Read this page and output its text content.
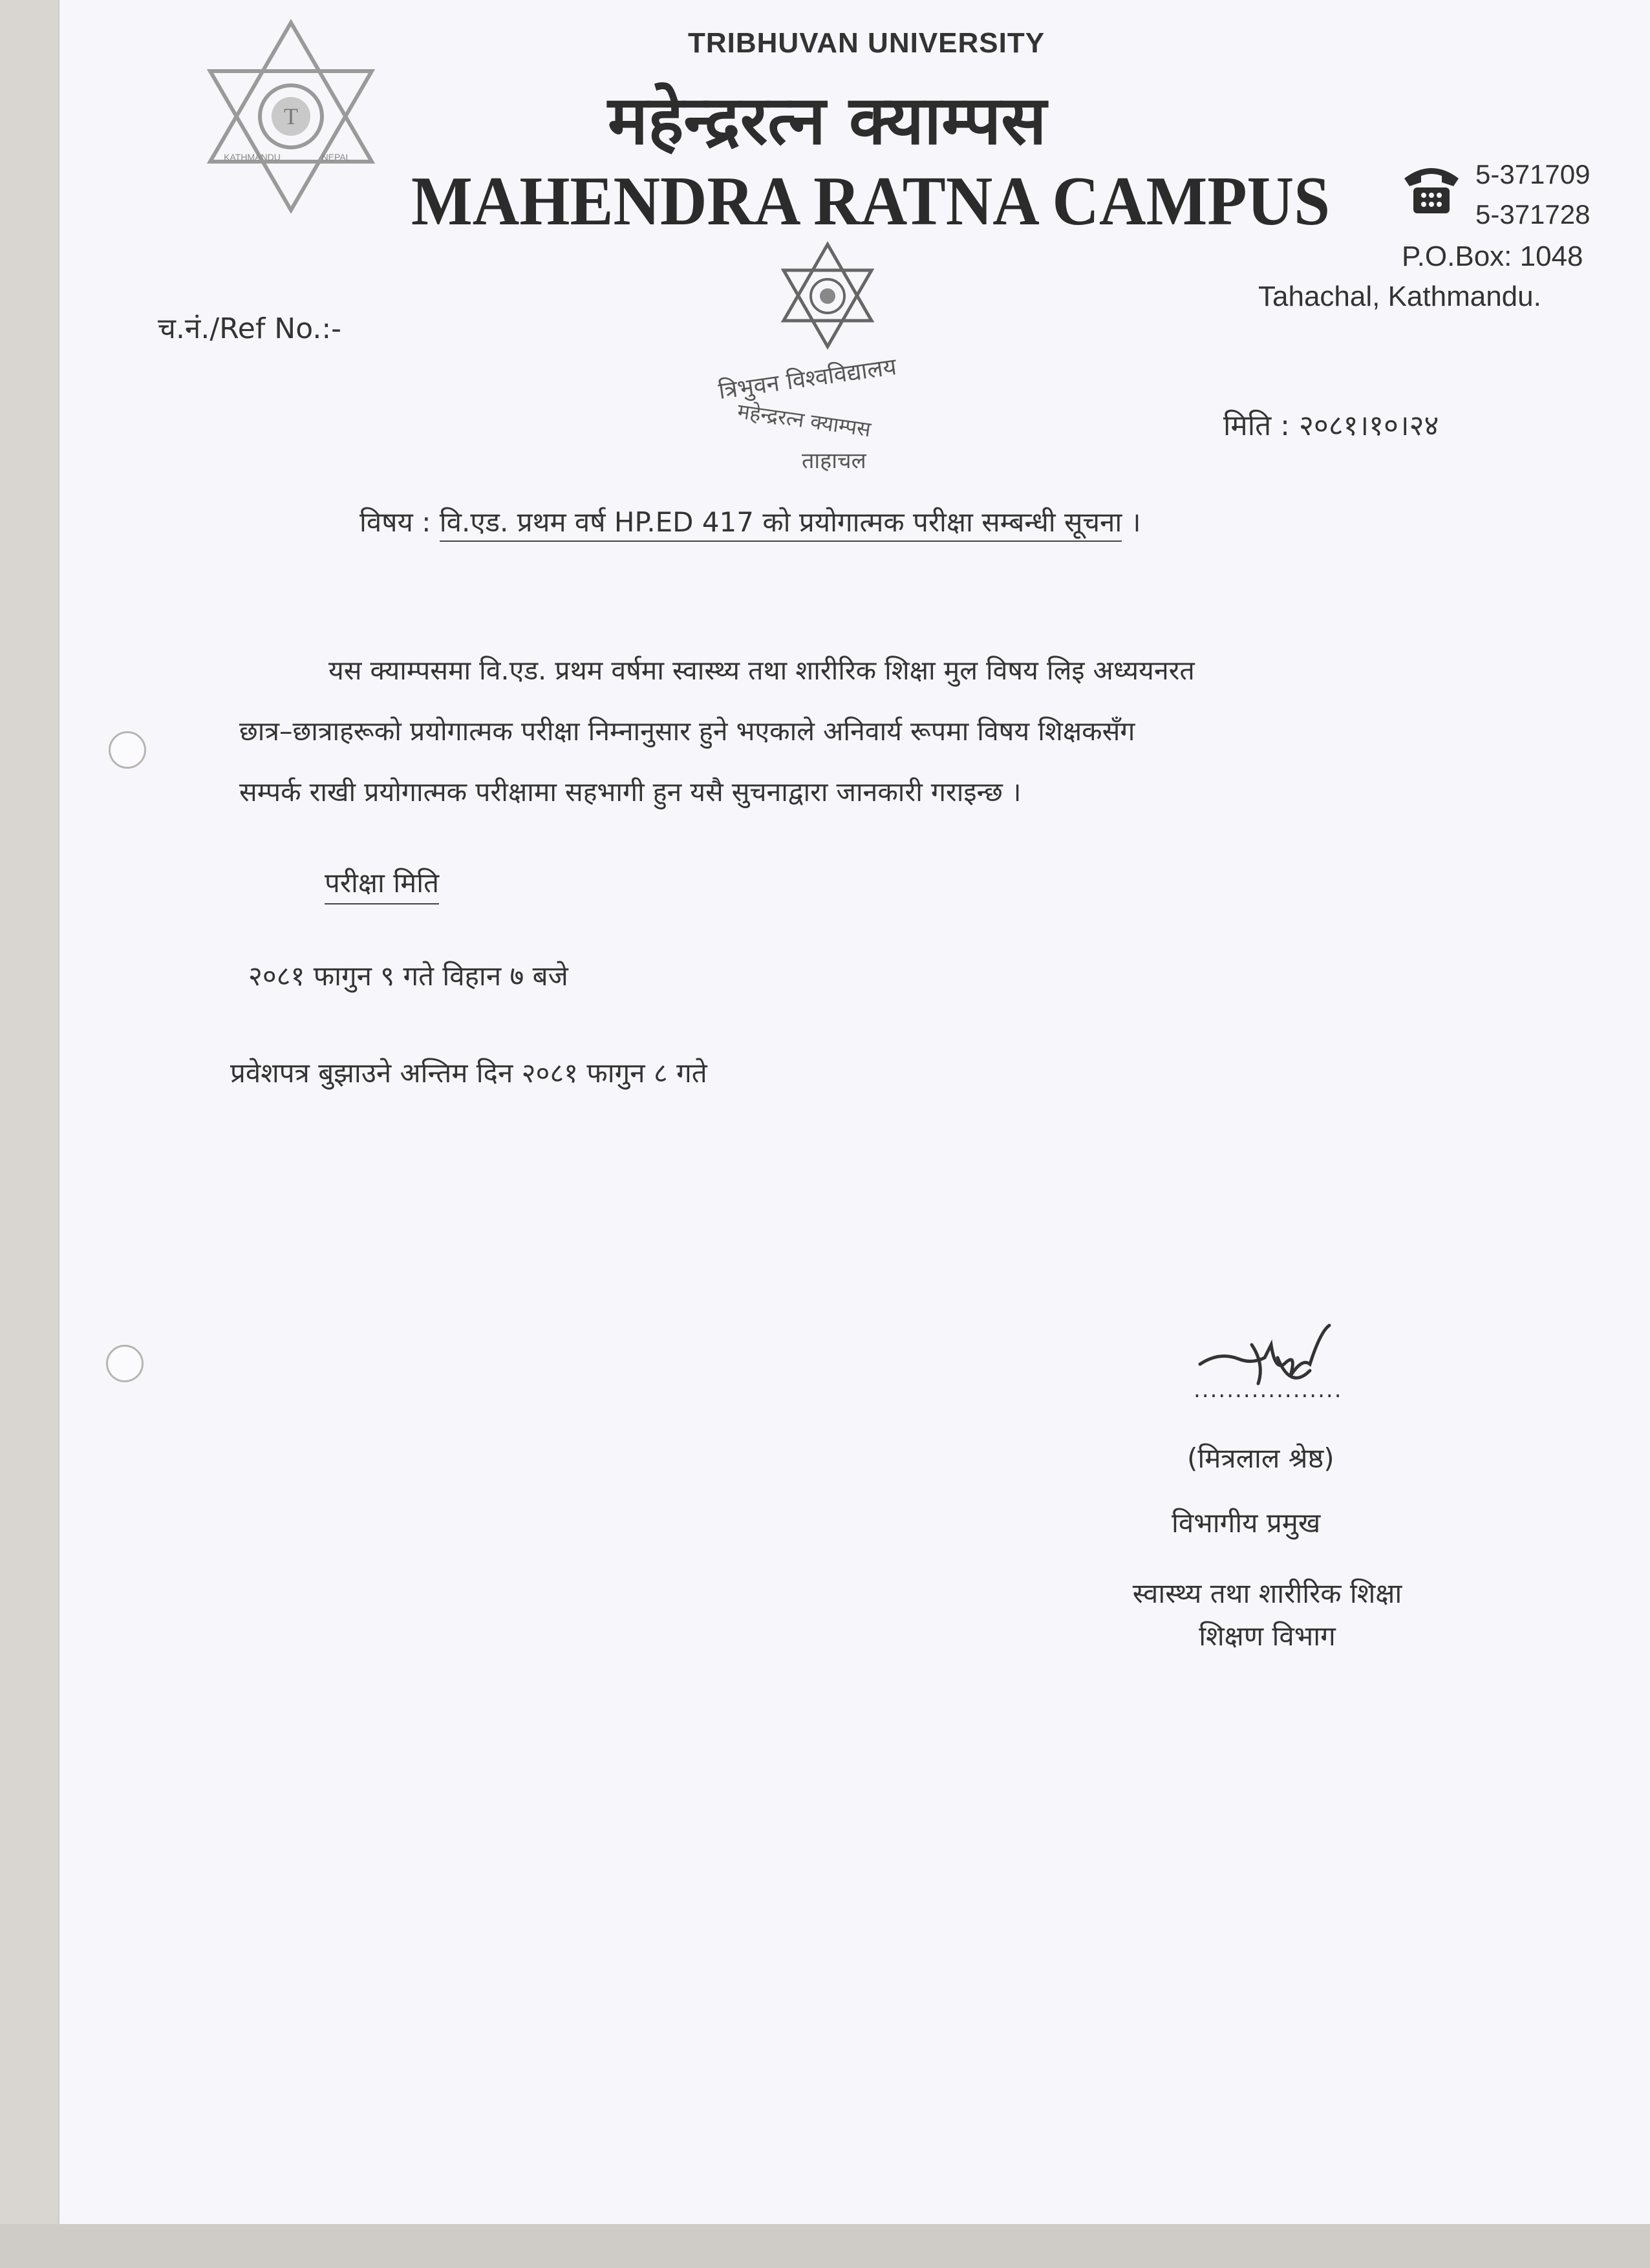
T
KATHMANDU	NEPAL
TRIBHUVAN UNIVERSITY
महेन्द्ररत्न क्याम्पस
MAHENDRA RATNA CAMPUS	5-371709
5-371728
P.O.Box: 1048
Tahachal, Kathmandu.
च.नं./Ref No.:-
त्रिभुवन विश्वविद्यालय
महेन्द्ररत्न क्याम्पस
ताहाचल
मिति : २०८१।१०।२४
विषय : वि.एड. प्रथम वर्ष HP.ED 417 को प्रयोगात्मक परीक्षा सम्बन्धी सूचना ।
यस क्याम्पसमा वि.एड. प्रथम वर्षमा स्वास्थ्य तथा शारीरिक शिक्षा मुल विषय लिइ अध्ययनरत
छात्र–छात्राहरूको प्रयोगात्मक परीक्षा निम्नानुसार हुने भएकाले अनिवार्य रूपमा विषय शिक्षकसँग
सम्पर्क राखी प्रयोगात्मक परीक्षामा सहभागी हुन यसै सुचनाद्वारा जानकारी गराइन्छ ।
परीक्षा मिति
२०८१ फागुन ९ गते विहान ७ बजे
प्रवेशपत्र बुझाउने अन्तिम दिन २०८१ फागुन ८ गते
..................
(मित्रलाल श्रेष्ठ)
विभागीय प्रमुख
स्वास्थ्य तथा शारीरिक शिक्षा
शिक्षण विभाग
